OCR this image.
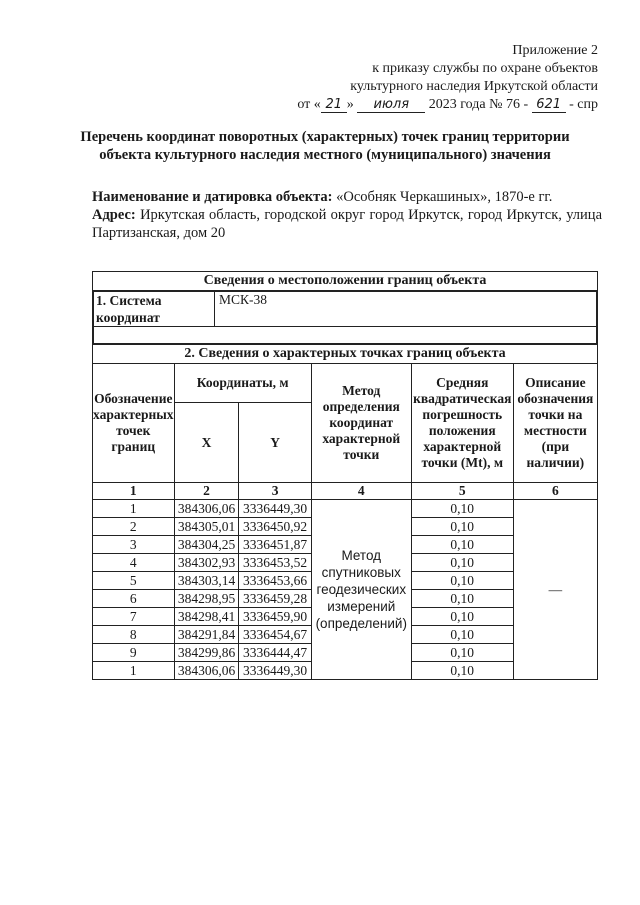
Приложение 2
к приказу службы по охране объектов
культурного наследия Иркутской области
от « 21 » июля 2023 года № 76 - 621 - спр
Перечень координат поворотных (характерных) точек границ территории объекта культурного наследия местного (муниципального) значения
Наименование и датировка объекта: «Особняк Черкашиных», 1870-е гг.
Адрес: Иркутская область, городской округ город Иркутск, город Иркутск, улица Партизанская, дом 20
Сведения о местоположении границ объекта

1. Система координат	МСК-38

2. Сведения о характерных точках границ объекта
Обозначение характерных точек границ	Координаты, м	Метод определения координат характерной точки	Средняя квадратическая погрешность положения характерной точки (Mt), м	Описание обозначения точки на местности (при наличии)
X	Y
1	2	3	4	5	6
1	384306,06	3336449,30	Метод спутниковых геодезических измерений (определений)	0,10	—
2	384305,01	3336450,92	0,10
3	384304,25	3336451,87	0,10
4	384302,93	3336453,52	0,10
5	384303,14	3336453,66	0,10
6	384298,95	3336459,28	0,10
7	384298,41	3336459,90	0,10
8	384291,84	3336454,67	0,10
9	384299,86	3336444,47	0,10
1	384306,06	3336449,30	0,10
